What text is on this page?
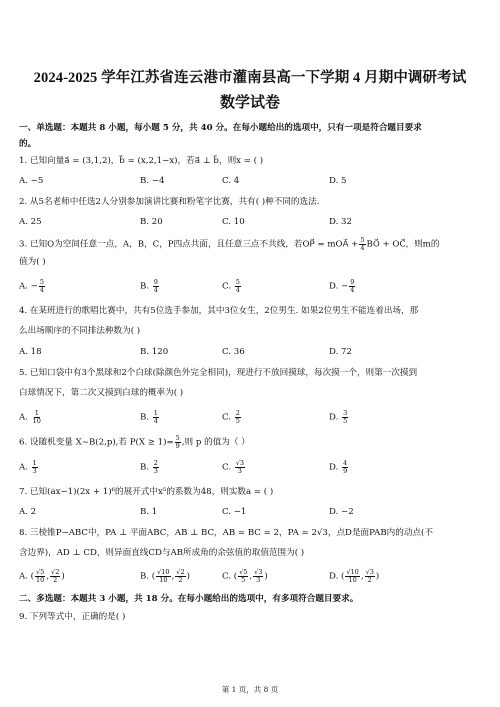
2024-2025 学年江苏省连云港市灌南县高一下学期 4 月期中调研考试
数学试卷
一、单选题：本题共 8 小题，每小题 5 分，共 40 分。在每小题给出的选项中，只有一项是符合题目要求
的。
1. 已知向量a⃗ = (3,1,2)，b⃗ = (x,2,1−x)，若a⃗ ⊥ b⃗，则x = ( )
A. −5	B. −4	C. 4	D. 5
2. 从5名老师中任选2人分别参加演讲比赛和粉笔字比赛，共有( )种不同的选法.
A. 25	B. 20	C. 10	D. 32
3. 已知O为空间任意一点，A，B，C，P四点共面，且任意三点不共线，若OP⃗ = mOA⃗ + $\frac{5}{4}$ BO⃗ + OC⃗，则m的
值为( )
A. − $\frac{5}{4}$	B. $\frac{9}{4}$	C. $\frac{5}{4}$	D. − $\frac{9}{4}$
4. 在某班进行的歌唱比赛中，共有5位选手参加，其中3位女生，2位男生. 如果2位男生不能连着出场，那
么出场顺序的不同排法种数为( )
A. 18	B. 120	C. 36	D. 72
5. 已知口袋中有3个黑球和2个白球(除颜色外完全相同)，现进行不放回摸球，每次摸一个，则第一次摸到
白球情况下，第二次又摸到白球的概率为( )
A. $\frac{1}{10}$	B. $\frac{1}{4}$	C. $\frac{2}{5}$	D. $\frac{3}{5}$
6. 设随机变量 X~B(2,p),若 $P(X \ge 1)= \frac{5}{9}$ ,则 p 的值为（ ）
A. $\frac{1}{3}$	B. $\frac{2}{3}$	C. $\frac{√3}{3}$	D. $\frac{4}{9}$
7. 已知(ax−1)(2x + 1)⁶的展开式中x⁵的系数为48，则实数a = ( )
A. 2	B. 1	C. −1	D. −2
8. 三棱锥P−ABC中，PA ⊥ 平面ABC，AB ⊥ BC，AB = BC = 2，PA = 2√3，点D是面PAB内的动点(不
含边界)，AD ⊥ CD，则异面直线CD与AB所成角的余弦值的取值范围为( )
A. ( $\frac{√5}{10}$ , $\frac{√2}{2}$ )	B. ( $\frac{√10}{10}$ , $\frac{√2}{2}$ )	C. ( $\frac{√5}{5}$ , $\frac{√3}{3}$ )	D. ( $\frac{√10}{10}$ , $\frac{√3}{2}$ )
二、多选题：本题共 3 小题，共 18 分。在每小题给出的选项中，有多项符合题目要求。
9. 下列等式中，正确的是( )
第 1 页，共 8 页
